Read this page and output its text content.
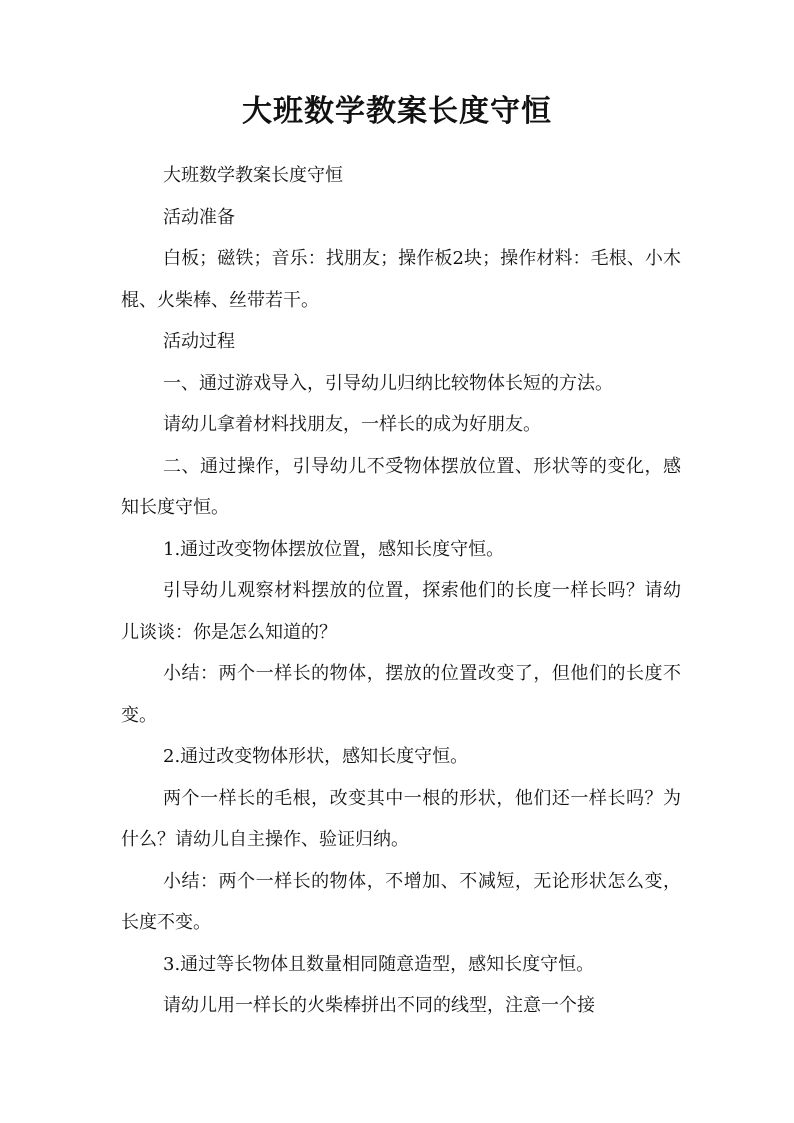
大班数学教案长度守恒

大班数学教案长度守恒

活动准备

白板；磁铁；音乐：找朋友；操作板2块；操作材料：毛根、小木棍、火柴棒、丝带若干。

活动过程

一、通过游戏导入，引导幼儿归纳比较物体长短的方法。

请幼儿拿着材料找朋友，一样长的成为好朋友。

二、通过操作，引导幼儿不受物体摆放位置、形状等的变化，感知长度守恒。

1.通过改变物体摆放位置，感知长度守恒。

引导幼儿观察材料摆放的位置，探索他们的长度一样长吗？请幼儿谈谈：你是怎么知道的？

小结：两个一样长的物体，摆放的位置改变了，但他们的长度不变。

2.通过改变物体形状，感知长度守恒。

两个一样长的毛根，改变其中一根的形状，他们还一样长吗？为什么？请幼儿自主操作、验证归纳。

小结：两个一样长的物体，不增加、不减短，无论形状怎么变，长度不变。

3.通过等长物体且数量相同随意造型，感知长度守恒。

请幼儿用一样长的火柴棒拼出不同的线型，注意一个接
